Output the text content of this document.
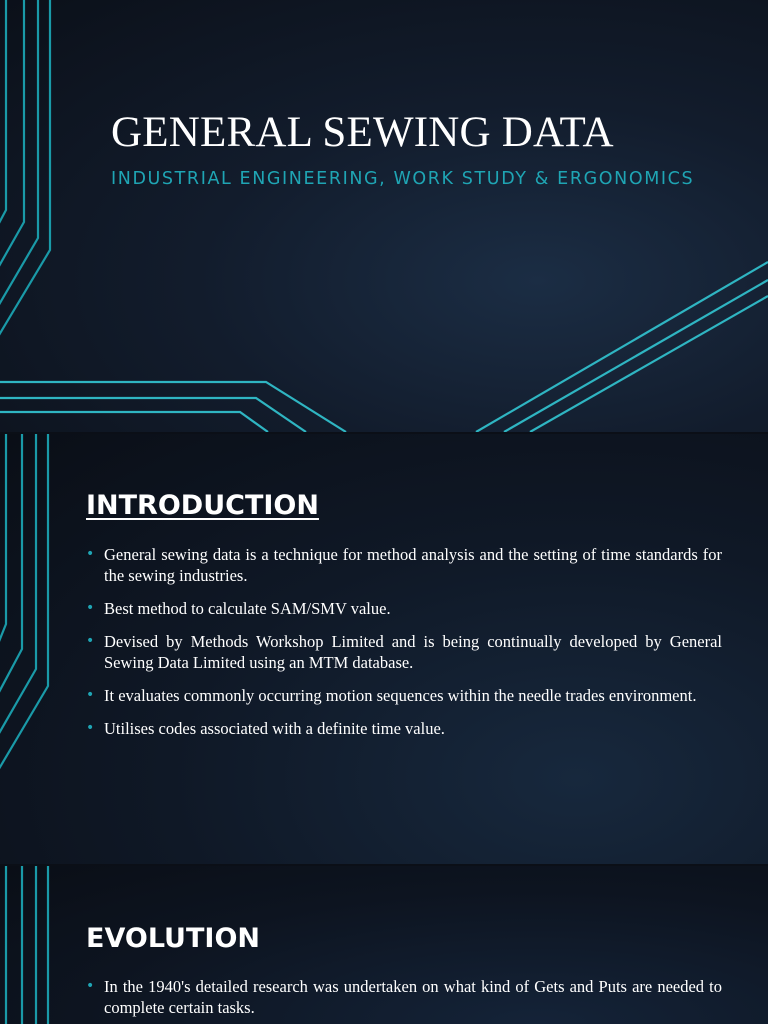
GENERAL SEWING DATA

INDUSTRIAL ENGINEERING, WORK STUDY & ERGONOMICS

INTRODUCTION
• General sewing data is a technique for method analysis and the setting of time standards for the sewing industries.
• Best method to calculate SAM/SMV value.
• Devised by Methods Workshop Limited and is being continually developed by General Sewing Data Limited using an MTM database.
• It evaluates commonly occurring motion sequences within the needle trades environment.
• Utilises codes associated with a definite time value.
EVOLUTION
• In the 1940's detailed research was undertaken on what kind of Gets and Puts are needed to complete certain tasks.
